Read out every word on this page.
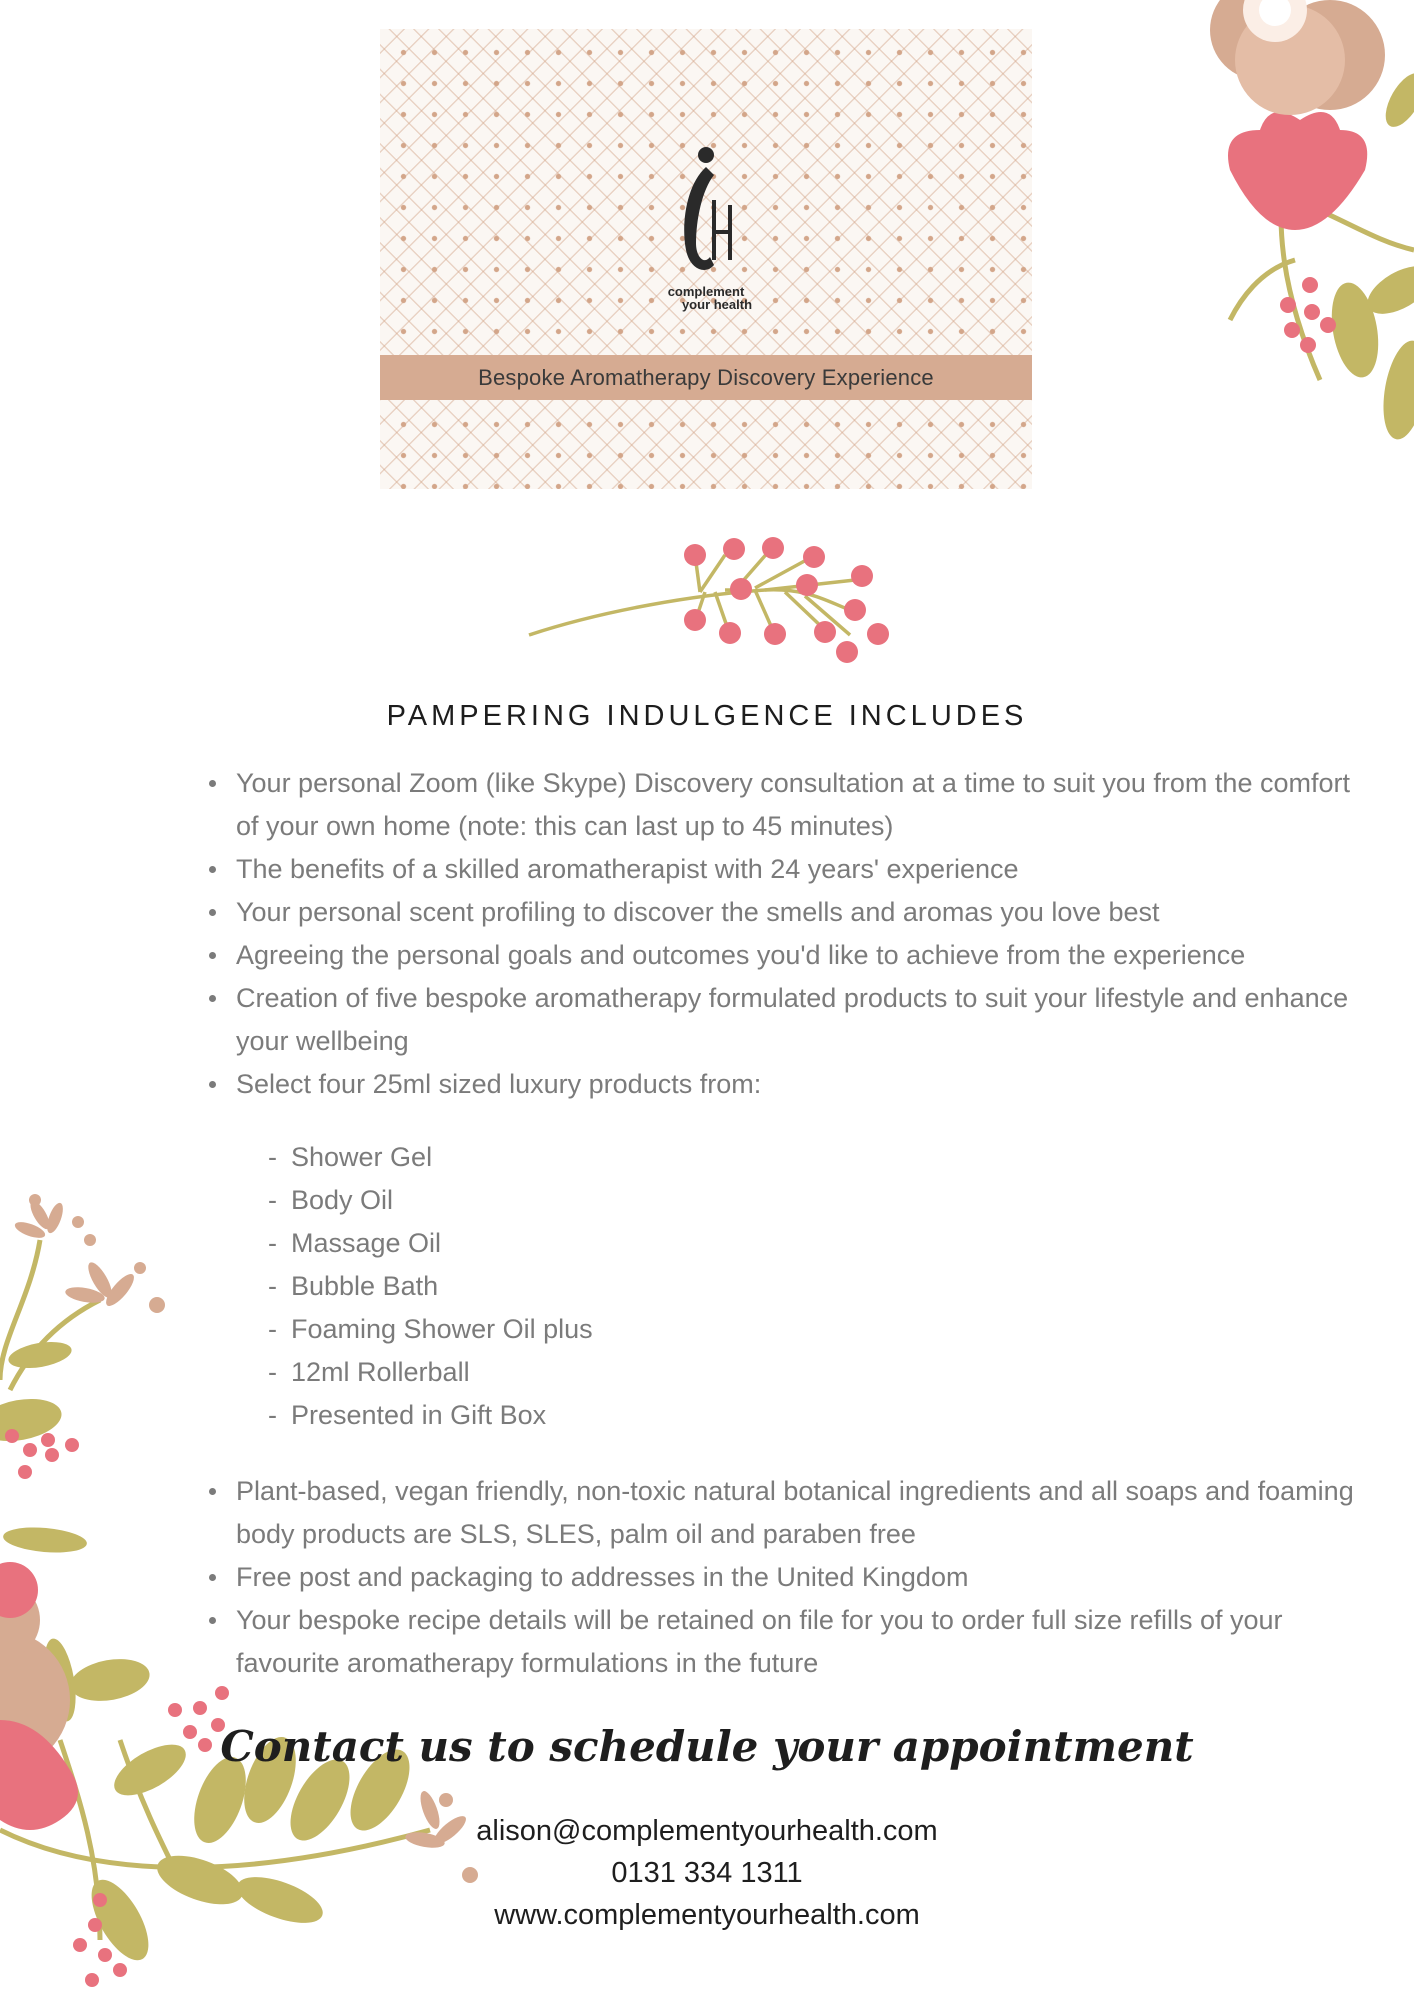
complement
your health
Bespoke Aromatherapy Discovery Experience
PAMPERING INDULGENCE INCLUDES
Your personal Zoom (like Skype) Discovery consultation at a time to suit you from the comfort of your own home (note: this can last up to 45 minutes)
The benefits of a skilled aromatherapist with 24 years' experience
Your personal scent profiling to discover the smells and aromas you love best
Agreeing the personal goals and outcomes you'd like to achieve from the experience
Creation of five bespoke aromatherapy formulated products to suit your lifestyle and enhance your wellbeing
Select four 25ml sized luxury products from:
- Shower Gel
- Body Oil
- Massage Oil
- Bubble Bath
- Foaming Shower Oil plus
- 12ml Rollerball
- Presented in Gift Box
Plant-based, vegan friendly, non-toxic natural botanical ingredients and all soaps and foaming body products are SLS, SLES, palm oil and paraben free
Free post and packaging to addresses in the United Kingdom
Your bespoke recipe details will be retained on file for you to order full size refills of your favourite aromatherapy formulations in the future
Contact us to schedule your appointment
alison@complementyourhealth.com
0131 334 1311
www.complementyourhealth.com
